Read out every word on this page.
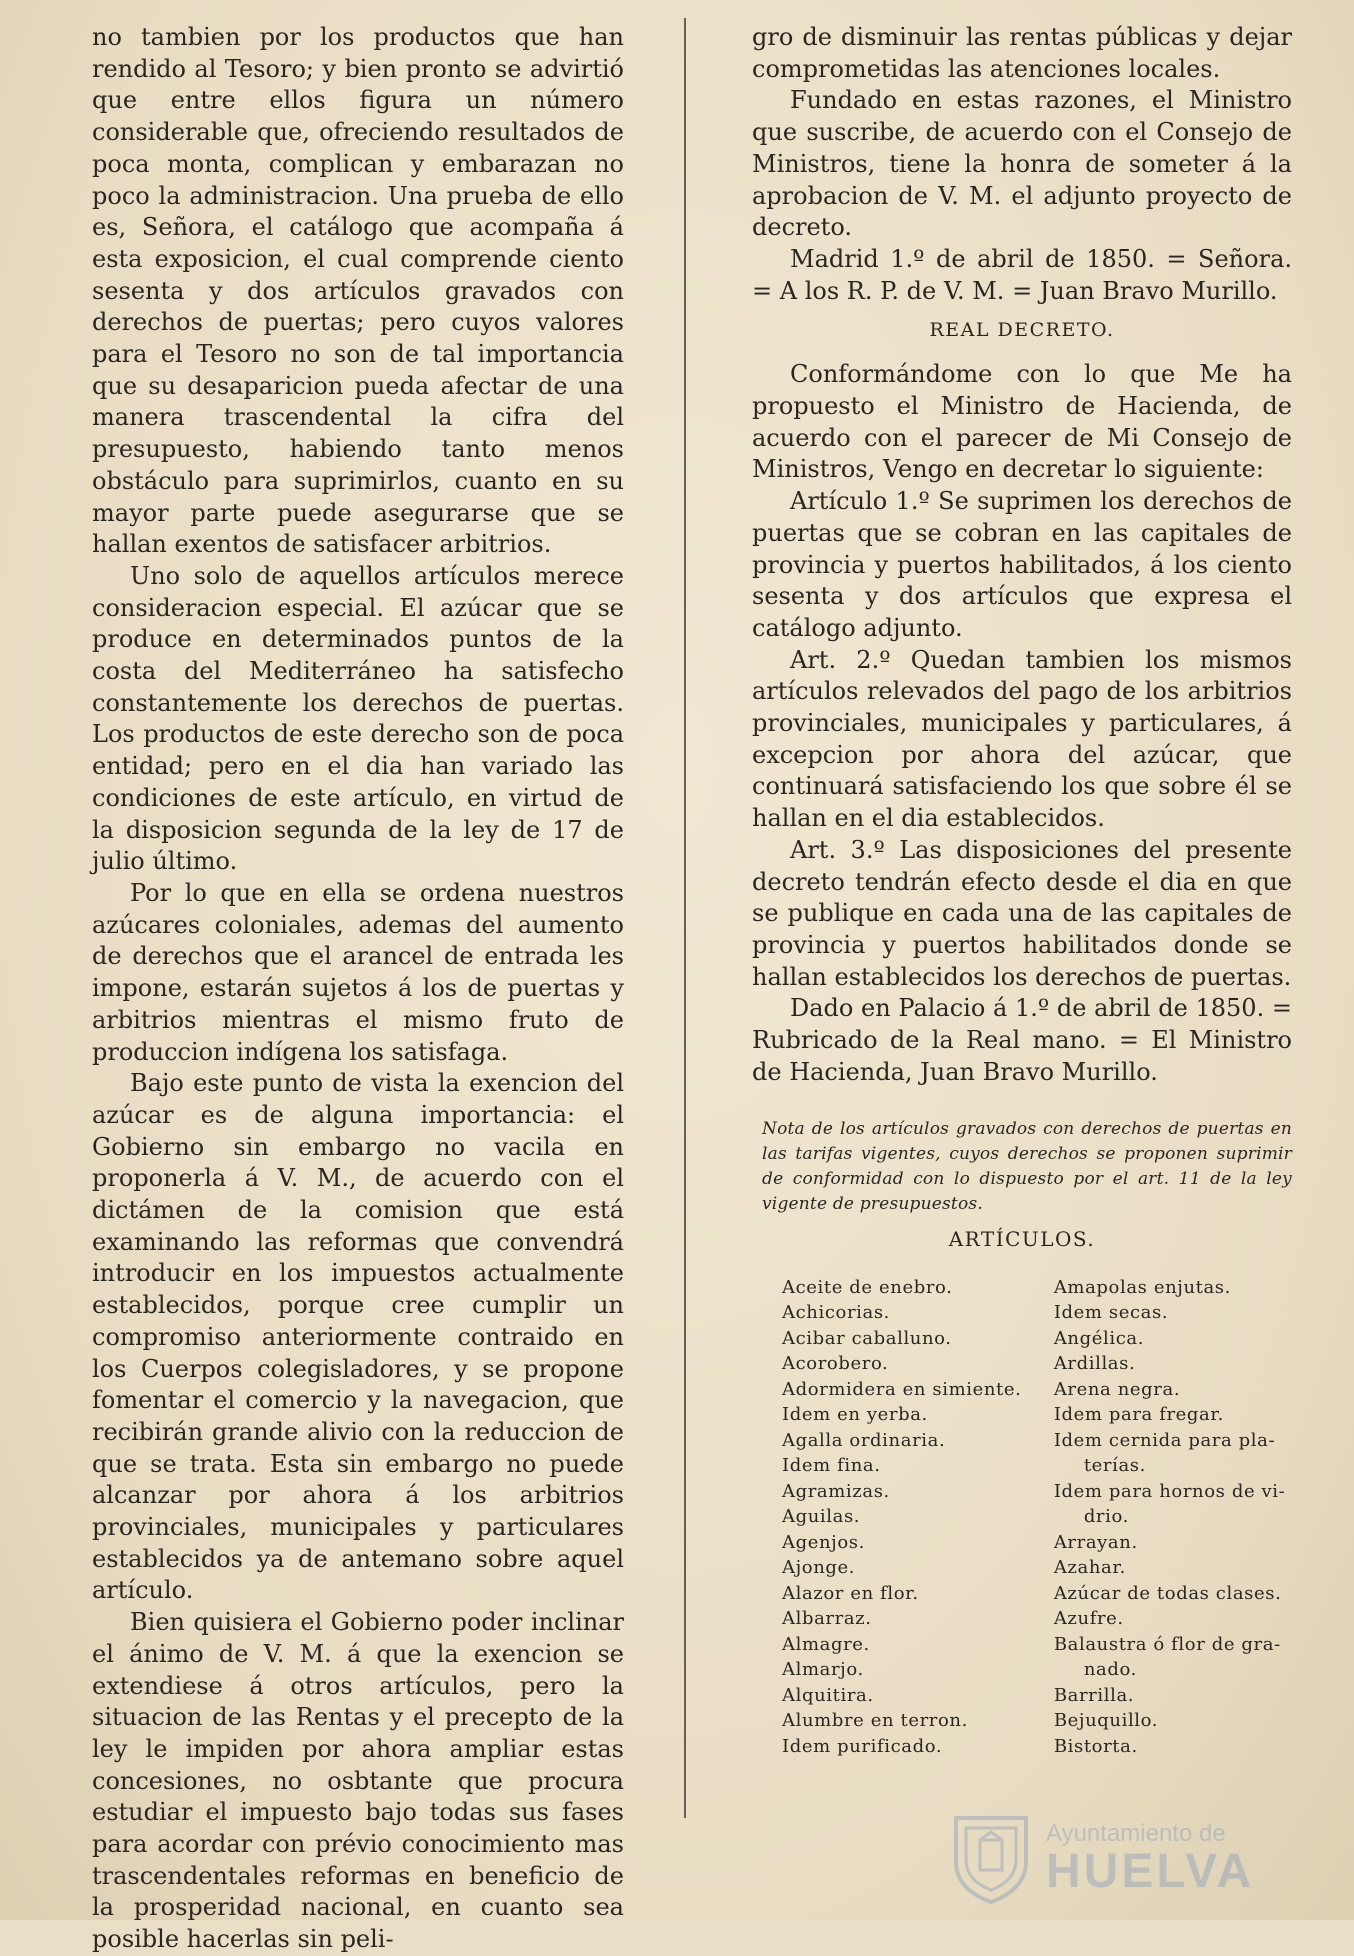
no tambien por los productos que han rendido al Tesoro; y bien pronto se advirtió que entre ellos figura un número considerable que, ofreciendo resultados de poca monta, complican y embarazan no poco la administracion. Una prueba de ello es, Señora, el catálogo que acompaña á esta exposicion, el cual comprende ciento sesenta y dos artículos gravados con derechos de puertas; pero cuyos valores para el Tesoro no son de tal importancia que su desaparicion pueda afectar de una manera trascendental la cifra del presupuesto, habiendo tanto menos obstáculo para suprimirlos, cuanto en su mayor parte puede asegurarse que se hallan exentos de satisfacer arbitrios.

Uno solo de aquellos artículos merece consideracion especial. El azúcar que se produce en determinados puntos de la costa del Mediterráneo ha satisfecho constantemente los derechos de puertas. Los productos de este derecho son de poca entidad; pero en el dia han variado las condiciones de este artículo, en virtud de la disposicion segunda de la ley de 17 de julio último.

Por lo que en ella se ordena nuestros azúcares coloniales, ademas del aumento de derechos que el arancel de entrada les impone, estarán sujetos á los de puertas y arbitrios mientras el mismo fruto de produccion indígena los satisfaga.

Bajo este punto de vista la exencion del azúcar es de alguna importancia: el Gobierno sin embargo no vacila en proponerla á V. M., de acuerdo con el dictámen de la comision que está examinando las reformas que convendrá introducir en los impuestos actualmente establecidos, porque cree cumplir un compromiso anteriormente contraido en los Cuerpos colegisladores, y se propone fomentar el comercio y la navegacion, que recibirán grande alivio con la reduccion de que se trata. Esta sin embargo no puede alcanzar por ahora á los arbitrios provinciales, municipales y particulares establecidos ya de antemano sobre aquel artículo.

Bien quisiera el Gobierno poder inclinar el ánimo de V. M. á que la exencion se extendiese á otros artículos, pero la situacion de las Rentas y el precepto de la ley le impiden por ahora ampliar estas concesiones, no osbtante que procura estudiar el impuesto bajo todas sus fases para acordar con prévio conocimiento mas trascendentales reformas en beneficio de la prosperidad nacional, en cuanto sea posible hacerlas sin peli-

gro de disminuir las rentas públicas y dejar comprometidas las atenciones locales.

Fundado en estas razones, el Ministro que suscribe, de acuerdo con el Consejo de Ministros, tiene la honra de someter á la aprobacion de V. M. el adjunto proyecto de decreto.

Madrid 1.º de abril de 1850. = Señora. = A los R. P. de V. M. = Juan Bravo Murillo.

REAL DECRETO.

Conformándome con lo que Me ha propuesto el Ministro de Hacienda, de acuerdo con el parecer de Mi Consejo de Ministros, Vengo en decretar lo siguiente:

Artículo 1.º Se suprimen los derechos de puertas que se cobran en las capitales de provincia y puertos habilitados, á los ciento sesenta y dos artículos que expresa el catálogo adjunto.

Art. 2.º Quedan tambien los mismos artículos relevados del pago de los arbitrios provinciales, municipales y particulares, á excepcion por ahora del azúcar, que continuará satisfaciendo los que sobre él se hallan en el dia establecidos.

Art. 3.º Las disposiciones del presente decreto tendrán efecto desde el dia en que se publique en cada una de las capitales de provincia y puertos habilitados donde se hallan establecidos los derechos de puertas.

Dado en Palacio á 1.º de abril de 1850. = Rubricado de la Real mano. = El Ministro de Hacienda, Juan Bravo Murillo.

Nota de los artículos gravados con derechos de puertas en las tarifas vigentes, cuyos derechos se proponen suprimir de conformidad con lo dispuesto por el art. 11 de la ley vigente de presupuestos.
ARTÍCULOS.
Aceite de enebro.
Achicorias.
Acibar caballuno.
Acorobero.
Adormidera en simiente.
Idem en yerba.
Agalla ordinaria.
Idem fina.
Agramizas.
Aguilas.
Agenjos.
Ajonge.
Alazor en flor.
Albarraz.
Almagre.
Almarjo.
Alquitira.
Alumbre en terron.
Idem purificado.
Amapolas enjutas.
Idem secas.
Angélica.
Ardillas.
Arena negra.
Idem para fregar.
Idem cernida para pla-
terías.
Idem para hornos de vi-
drio.
Arrayan.
Azahar.
Azúcar de todas clases.
Azufre.
Balaustra ó flor de gra-
nado.
Barrilla.
Bejuquillo.
Bistorta.
Ayuntamiento de
HUELVA
